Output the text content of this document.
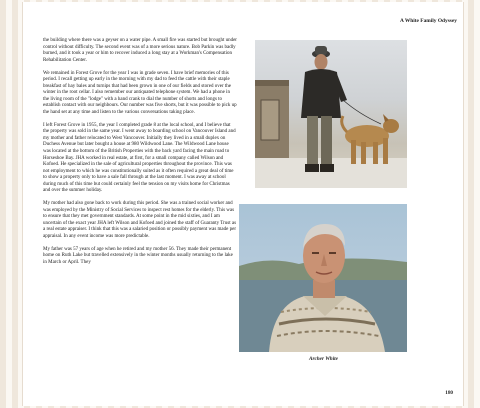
A White Family Odyssey

the building where there was a geyser on a water pipe. A small fire was started but brought under control without difficulty. The second event was of a more serious nature. Bob Parkin was badly burned, and it took a year or him to recover induced a long stay at a Workman's Compensation Rehabilitation Center.

We remained in Forest Grove for the year I was in grade seven. I have brief memories of this period. I recall getting up early in the morning with my dad to feed the cattle with their staple breakfast of hay bales and turnips that had been grown in one of our fields and stored over the winter in the root cellar. I also remember our antiquated telephone system. We had a phone in the living room of the "lodge" with a hand crank to dial the number of shorts and longs to establish contact with our neighbours. Our number was five shorts, but it was possible to pick up the hand set at any time and listen to the various conversations taking place.

I left Forest Grove in 1955, the year I completed grade 8 at the local school, and I believe that the property was sold in the same year. I went away to boarding school on Vancouver Island and my mother and father relocated to West Vancouver. Initially they lived in a small duplex on Duchess Avenue but later bought a house at 980 Wildwood Lane. The Wildwood Lane house was located at the bottom of the British Properties with the back yard facing the main road to Horseshoe Bay. JHA worked in real estate, at first, for a small company called Wilson and Kofoed. He specialized in the sale of agricultural properties throughout the province. This was not employment to which he was constitutionally suited as it often required a great deal of time to show a property only to have a sale fall through at the last moment. I was away at school during much of this time but could certainly feel the tension on my visits home for Christmas and over the summer holiday.

My mother had also gone back to work during this period. She was a trained social worker and was employed by the Ministry of Social Services to inspect rest homes for the elderly. This was to ensure that they met government standards. At some point in the mid sixties, and I am uncertain of the exact year JHA left Wilson and Kofoed and joined the staff of Guaranty Trust as a real estate appraiser. I think that this was a salaried position or possibly payment was made per appraisal. In any event income was more predictable.

My father was 57 years of age when he retired and my mother 56. They made their permanent home on Ruth Lake but travelled extensively in the winter months usually returning to the lake in March or April. They

Archer White
180
